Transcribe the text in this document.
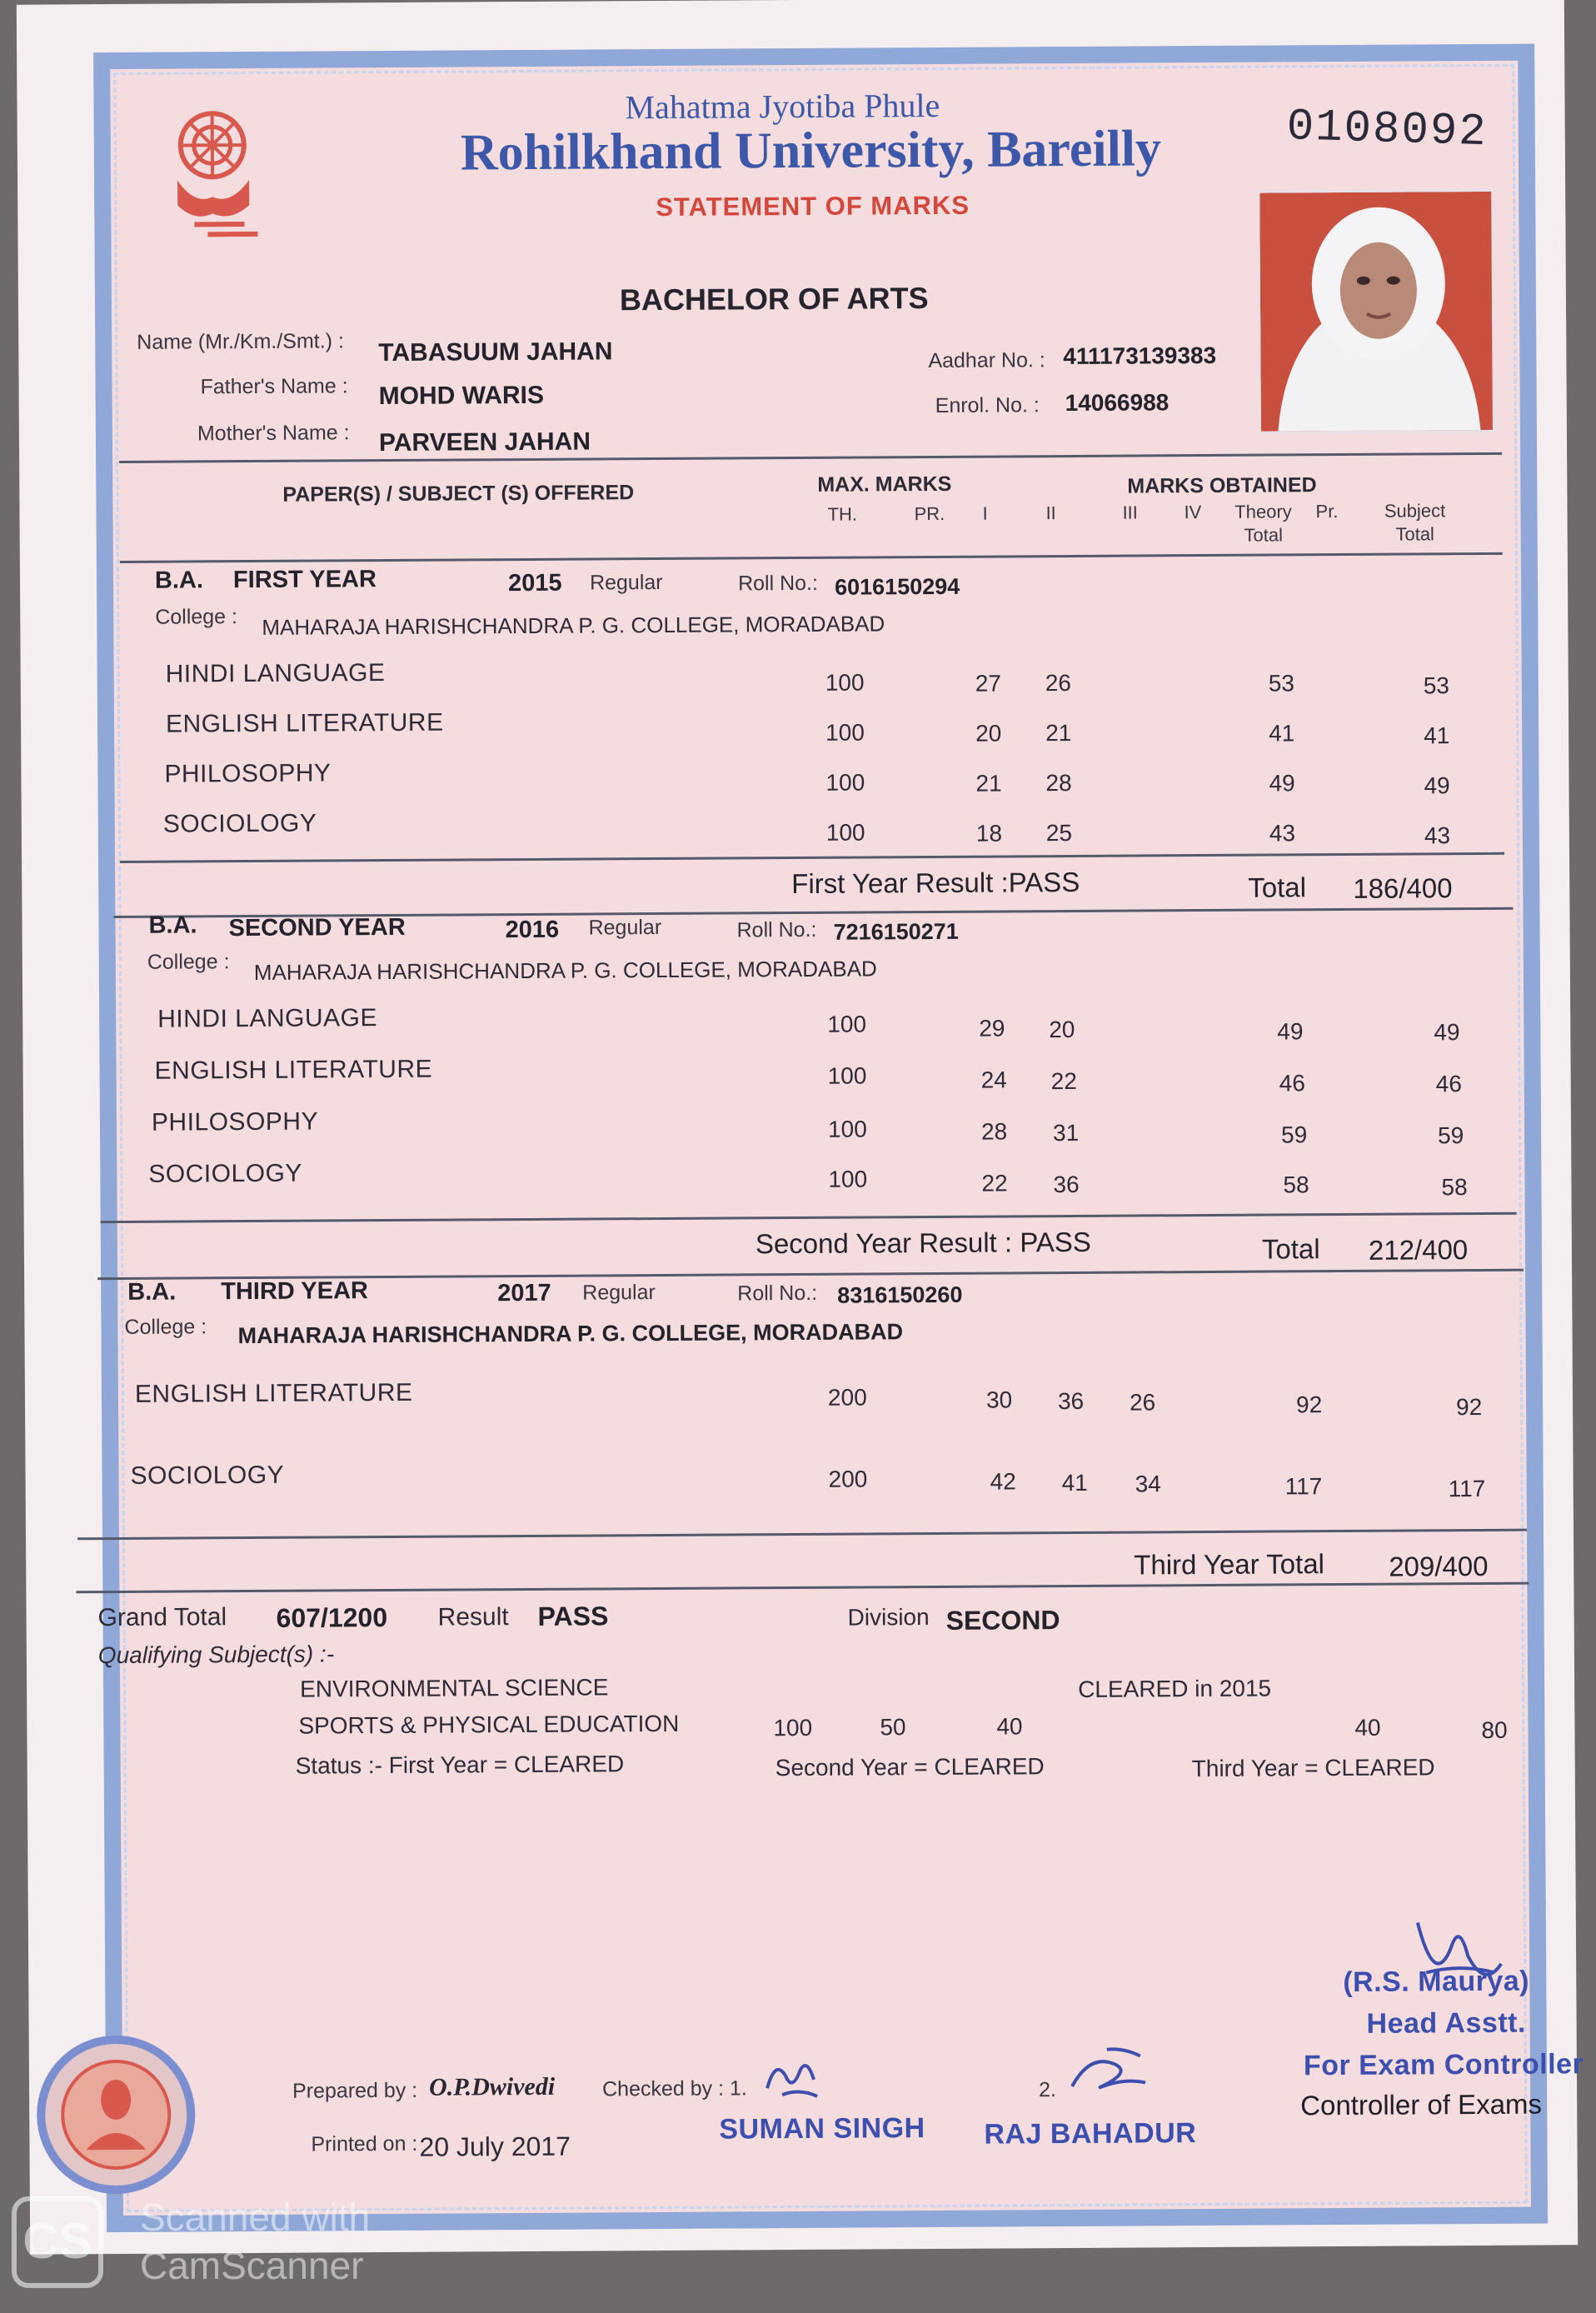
Mahatma Jyotiba Phule
Rohilkhand University, Bareilly
STATEMENT OF MARKS
0108092
BACHELOR OF ARTS
Name (Mr./Km./Smt.) : TABASUUM JAHAN
Father's Name : MOHD WARIS
Mother's Name : PARVEEN JAHAN
Aadhar No. : 411173139383
Enrol. No. : 14066988
PAPER(S) / SUBJECT (S) OFFERED	MAX. MARKS	MARKS OBTAINED
TH.	PR. I	II	III	IV	Theory Total
Pr.	Subject Total
B.A. FIRST YEAR	2015 Regular	Roll No.: 6016150294
College : MAHARAJA HARISHCHANDRA P. G. COLLEGE, MORADABAD
HINDI LANGUAGE	100	27 26	53	53
ENGLISH LITERATURE	100	20 21	41	41
PHILOSOPHY	100	21 28	49	49
SOCIOLOGY	100	18 25	43	43
First Year Result :PASS	Total 186/400
B.A. SECOND YEAR	2016 Regular	Roll No.: 7216150271
College : MAHARAJA HARISHCHANDRA P. G. COLLEGE, MORADABAD
HINDI LANGUAGE	100	29 20	49	49
ENGLISH LITERATURE	100	24 22	46	46
PHILOSOPHY	100	28 31	59	59
SOCIOLOGY	100	22 36	58	58
Second Year Result : PASS	Total 212/400
B.A. THIRD YEAR	2017 Regular	Roll No.: 8316150260
College : MAHARAJA HARISHCHANDRA P. G. COLLEGE, MORADABAD
ENGLISH LITERATURE	200	30 36 26	92	92
SOCIOLOGY	200	42 41 34	117	117
Third Year Total 209/400
Grand Total 607/1200 Result PASS	Division SECOND
Qualifying Subject(s) :-
ENVIRONMENTAL SCIENCE	CLEARED in 2015
SPORTS & PHYSICAL EDUCATION	100	50	40	40	80
Status :- First Year = CLEARED	Second Year = CLEARED	Third Year = CLEARED
Prepared by : O.P.Dwivedi Checked by : 1.	2.
Printed on : 20 July 2017
SUMAN SINGH RAJ BAHADUR
(R.S. Maurya)
Head Asstt.
For Exam Controller
Controller of Exams
CS Scanned with
CamScanner
